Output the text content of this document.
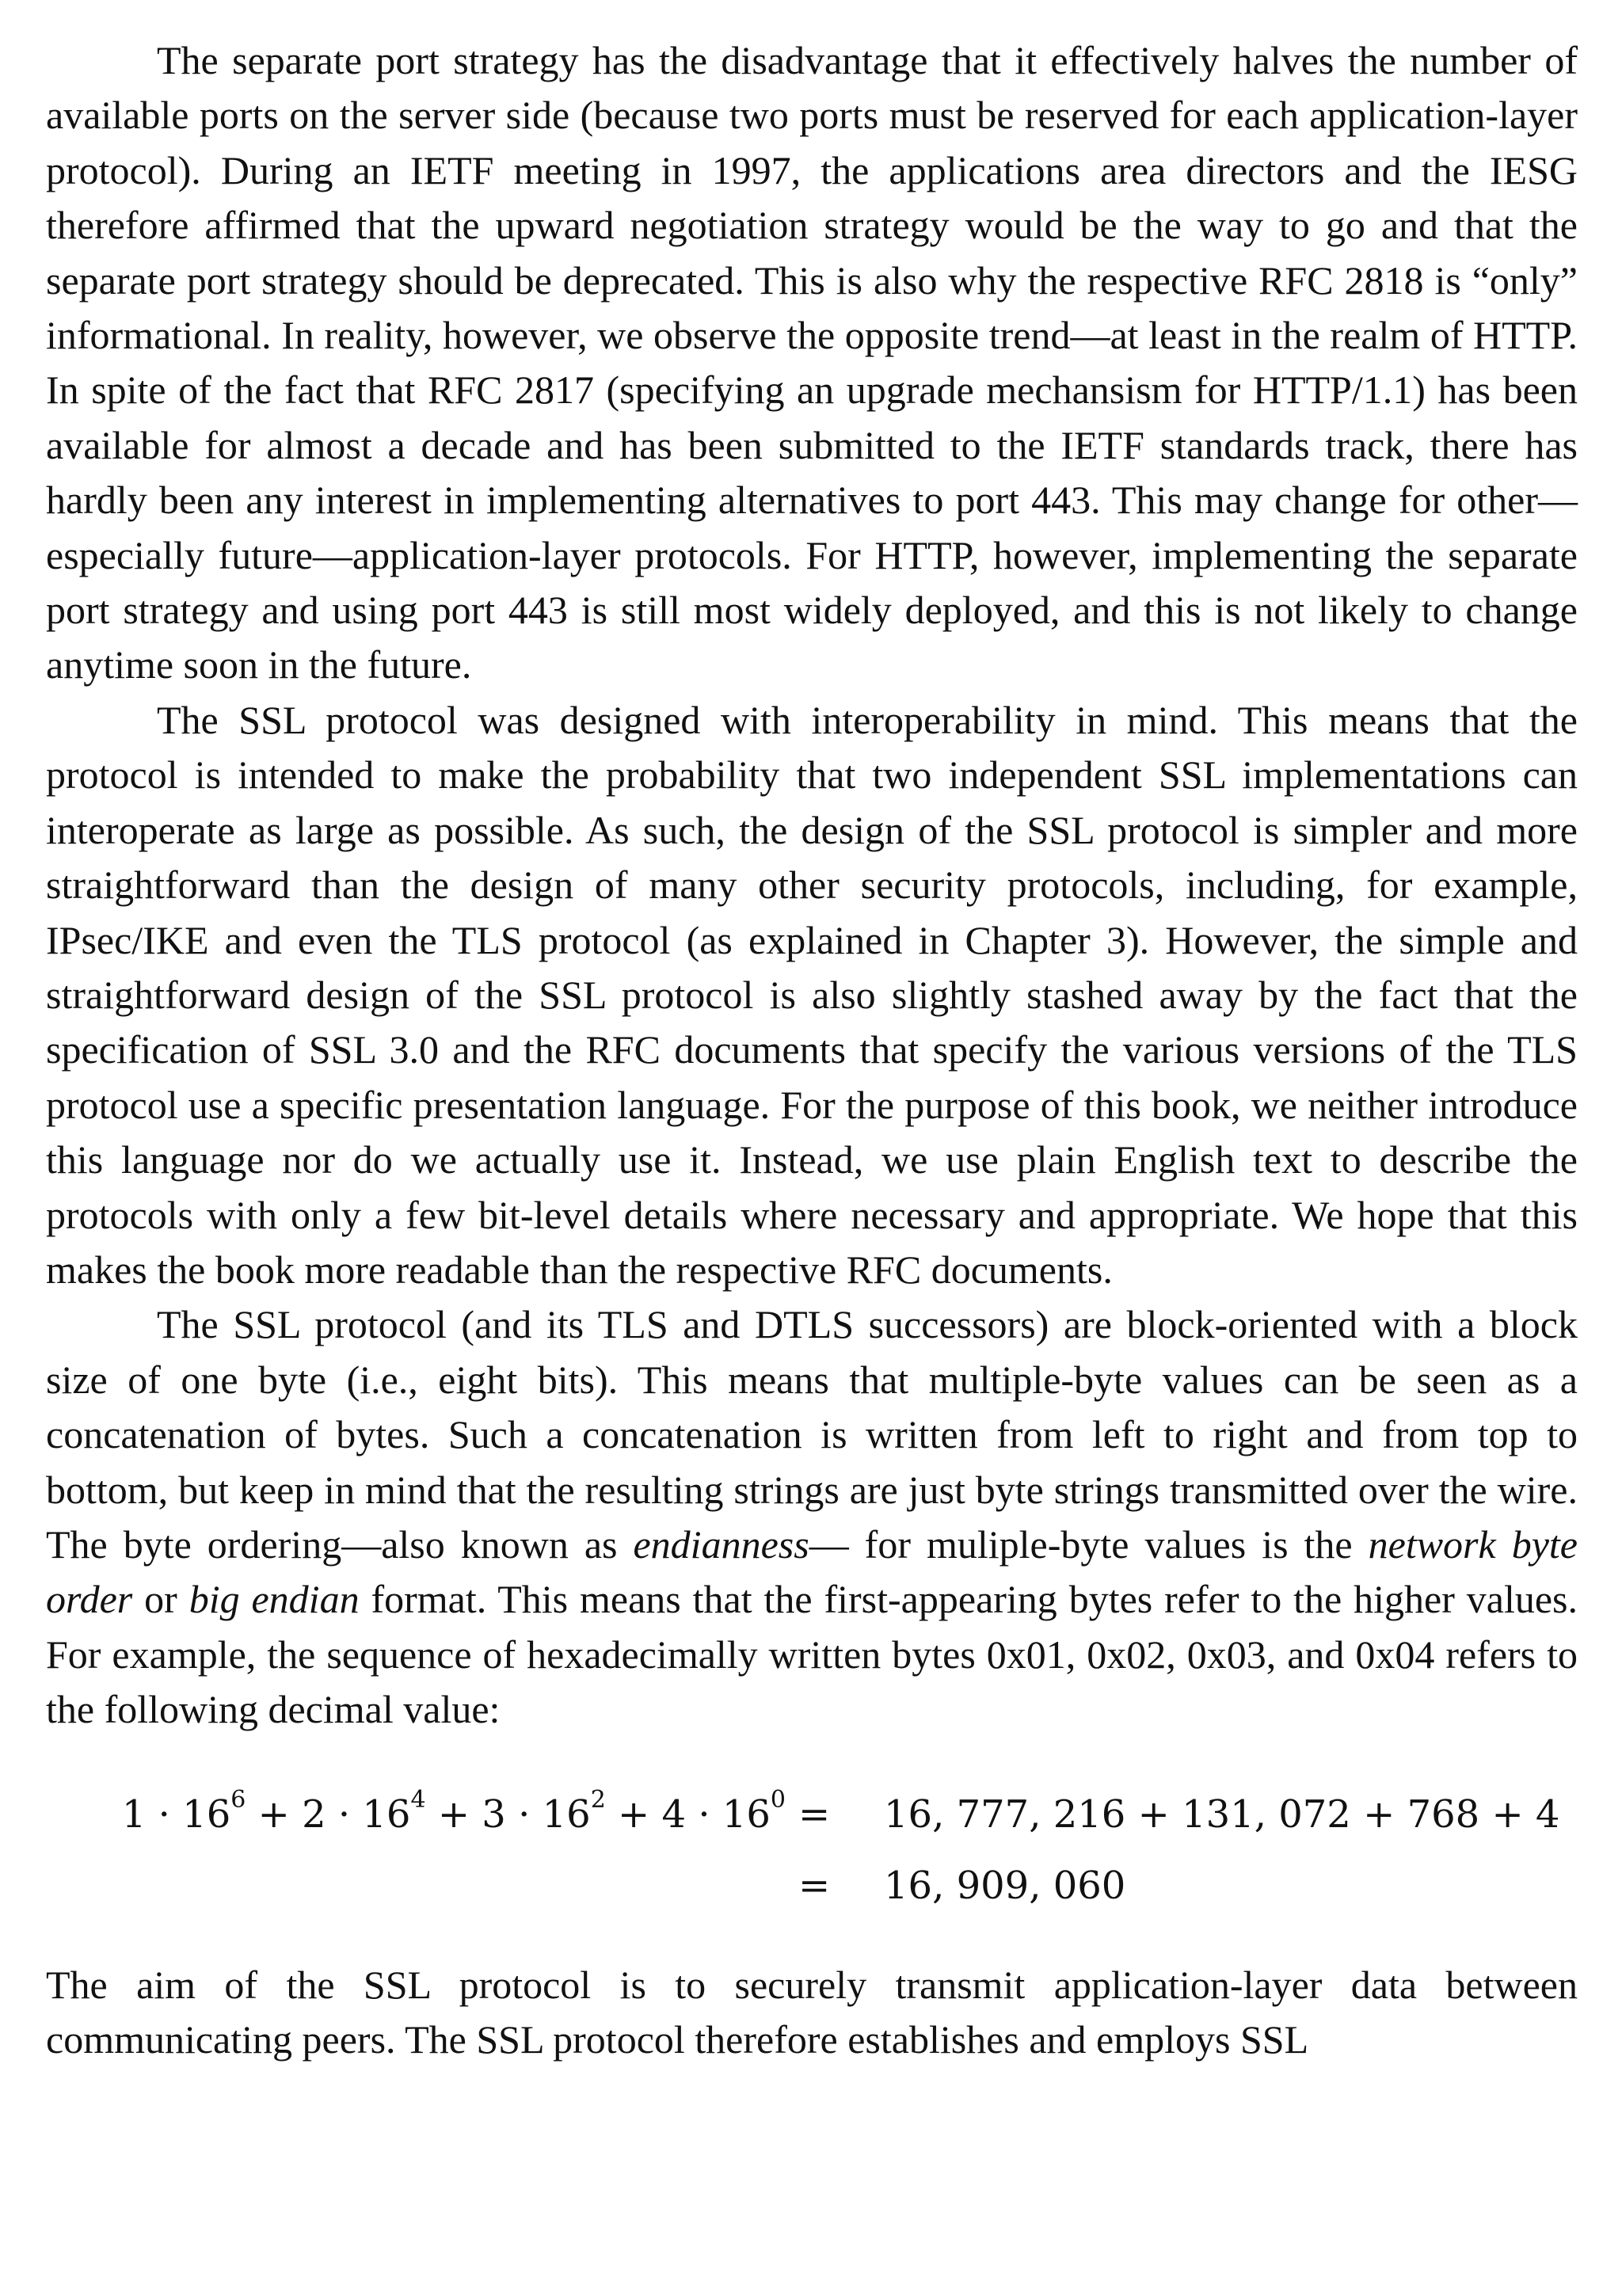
The separate port strategy has the disadvantage that it effectively halves the number of available ports on the server side (because two ports must be reserved for each application-layer protocol). During an IETF meeting in 1997, the applications area directors and the IESG therefore affirmed that the upward negotiation strategy would be the way to go and that the separate port strategy should be deprecated. This is also why the respective RFC 2818 is “only” informational. In reality, however, we observe the opposite trend—at least in the realm of HTTP. In spite of the fact that RFC 2817 (specifying an upgrade mechansism for HTTP/1.1) has been available for almost a decade and has been submitted to the IETF standards track, there has hardly been any interest in implementing alternatives to port 443. This may change for other—especially future—application-layer protocols. For HTTP, however, implementing the separate port strategy and using port 443 is still most widely deployed, and this is not likely to change anytime soon in the future.

The SSL protocol was designed with interoperability in mind. This means that the protocol is intended to make the probability that two independent SSL implementations can interoperate as large as possible. As such, the design of the SSL protocol is simpler and more straightforward than the design of many other security protocols, including, for example, IPsec/IKE and even the TLS protocol (as explained in Chapter 3). However, the simple and straightforward design of the SSL protocol is also slightly stashed away by the fact that the specification of SSL 3.0 and the RFC documents that specify the various versions of the TLS protocol use a specific presentation language. For the purpose of this book, we neither introduce this language nor do we actually use it. Instead, we use plain English text to describe the protocols with only a few bit-level details where necessary and appropriate. We hope that this makes the book more readable than the respective RFC documents.

The SSL protocol (and its TLS and DTLS successors) are block-oriented with a block size of one byte (i.e., eight bits). This means that multiple-byte values can be seen as a concatenation of bytes. Such a concatenation is written from left to right and from top to bottom, but keep in mind that the resulting strings are just byte strings transmitted over the wire. The byte ordering—also known as endianness— for muliple-byte values is the network byte order or big endian format. This means that the first-appearing bytes refer to the higher values. For example, the sequence of hexadecimally written bytes 0x01, 0x02, 0x03, and 0x04 refers to the following decimal value:

$1 \cdot 16^6 + 2 \cdot 16^4 + 3 \cdot 16^2 + 4 \cdot 16^0 = 16$, 777, 216 + 131, 072 + 768 + 4
= 16, 909, 060

The aim of the SSL protocol is to securely transmit application-layer data between communicating peers. The SSL protocol therefore establishes and employs SSL
